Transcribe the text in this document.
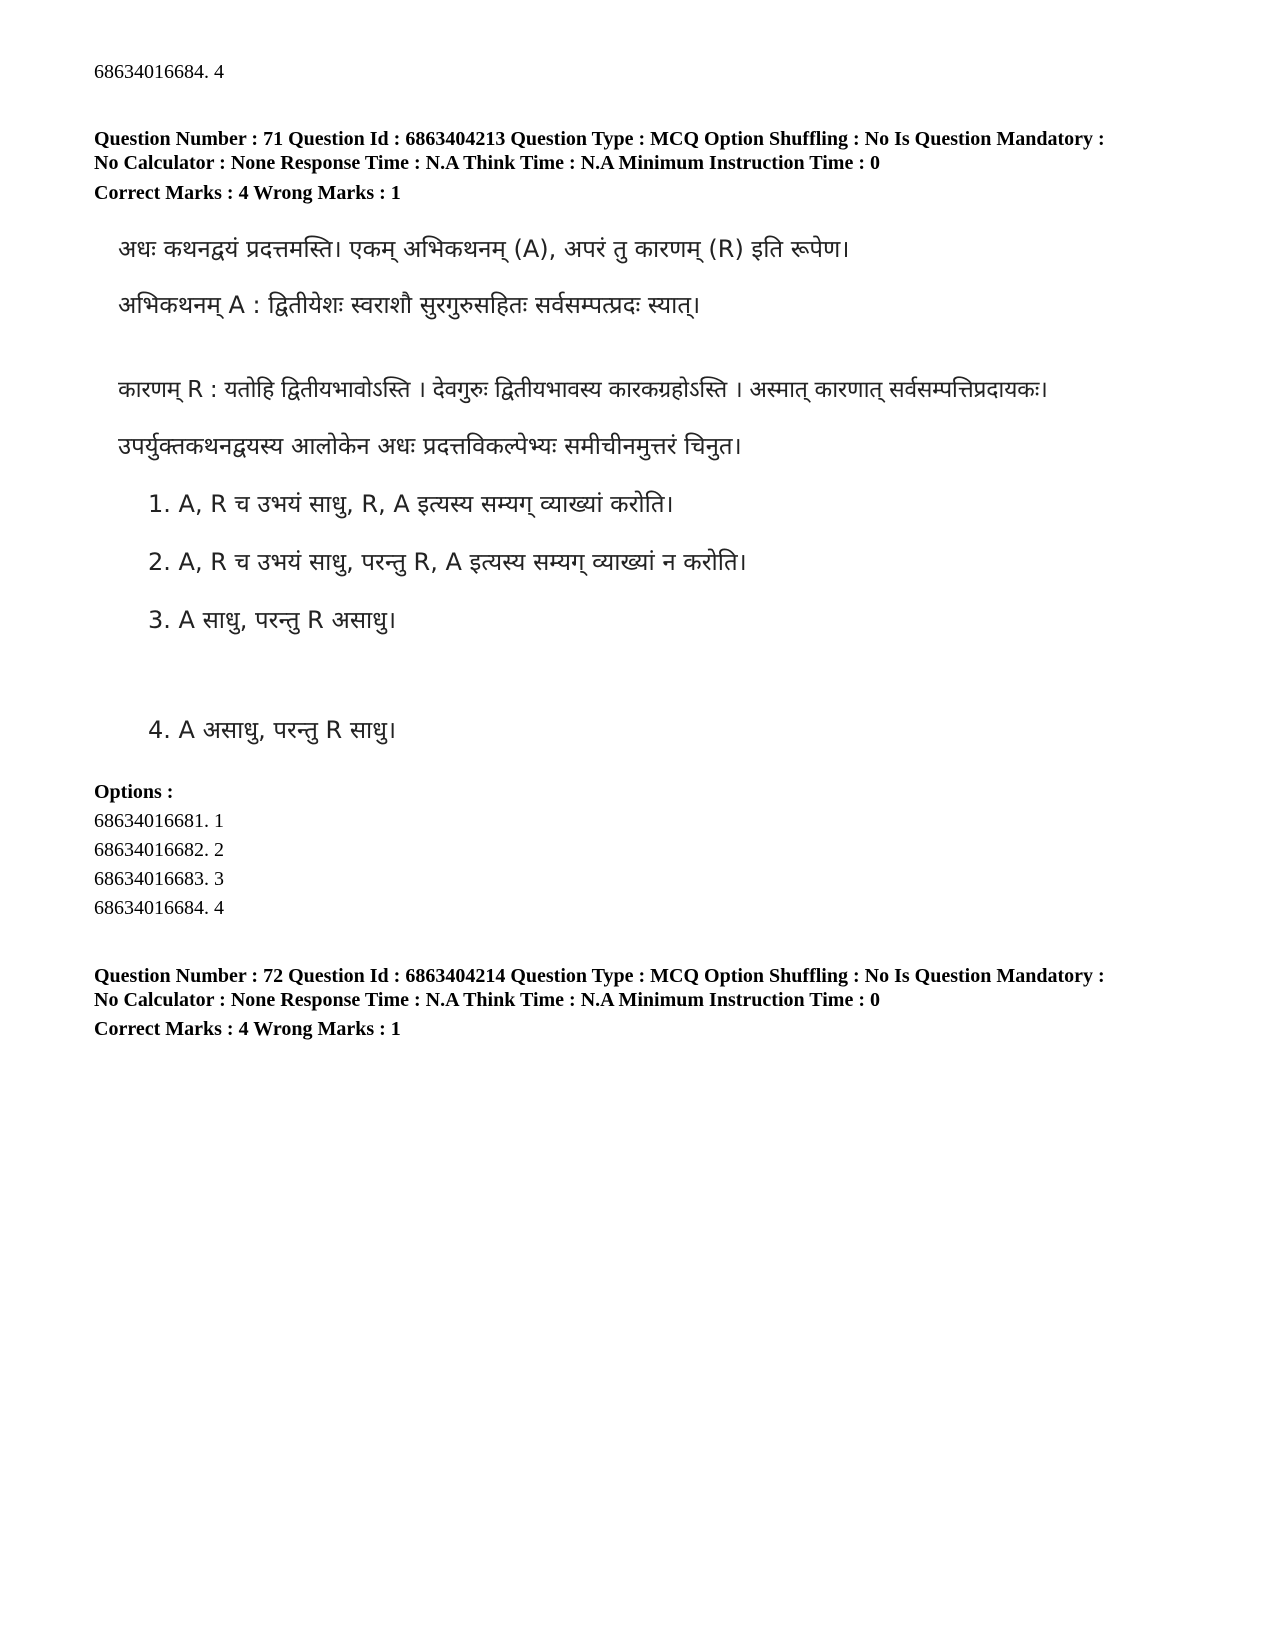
68634016684. 4
Question Number : 71 Question Id : 6863404213 Question Type : MCQ Option Shuffling : No Is Question Mandatory :
No Calculator : None Response Time : N.A Think Time : N.A Minimum Instruction Time : 0
Correct Marks : 4 Wrong Marks : 1
अधः कथनद्वयं प्रदत्तमस्ति। एकम् अभिकथनम् (A), अपरं तु कारणम् (R) इति रूपेण।
अभिकथनम् A : द्वितीयेशः स्वराशौ सुरगुरुसहितः सर्वसम्पत्प्रदः स्यात्।
कारणम् R : यतोहि द्वितीयभावोऽस्ति । देवगुरुः द्वितीयभावस्य कारकग्रहोऽस्ति । अस्मात् कारणात् सर्वसम्पत्तिप्रदायकः।
उपर्युक्तकथनद्वयस्य आलोकेन अधः प्रदत्तविकल्पेभ्यः समीचीनमुत्तरं चिनुत।
1. A, R च उभयं साधु, R, A इत्यस्य सम्यग् व्याख्यां करोति।
2. A, R च उभयं साधु, परन्तु R, A इत्यस्य सम्यग् व्याख्यां न करोति।
3. A साधु, परन्तु R असाधु।
4. A असाधु, परन्तु R साधु।
Options :
68634016681. 1
68634016682. 2
68634016683. 3
68634016684. 4
Question Number : 72 Question Id : 6863404214 Question Type : MCQ Option Shuffling : No Is Question Mandatory :
No Calculator : None Response Time : N.A Think Time : N.A Minimum Instruction Time : 0
Correct Marks : 4 Wrong Marks : 1
